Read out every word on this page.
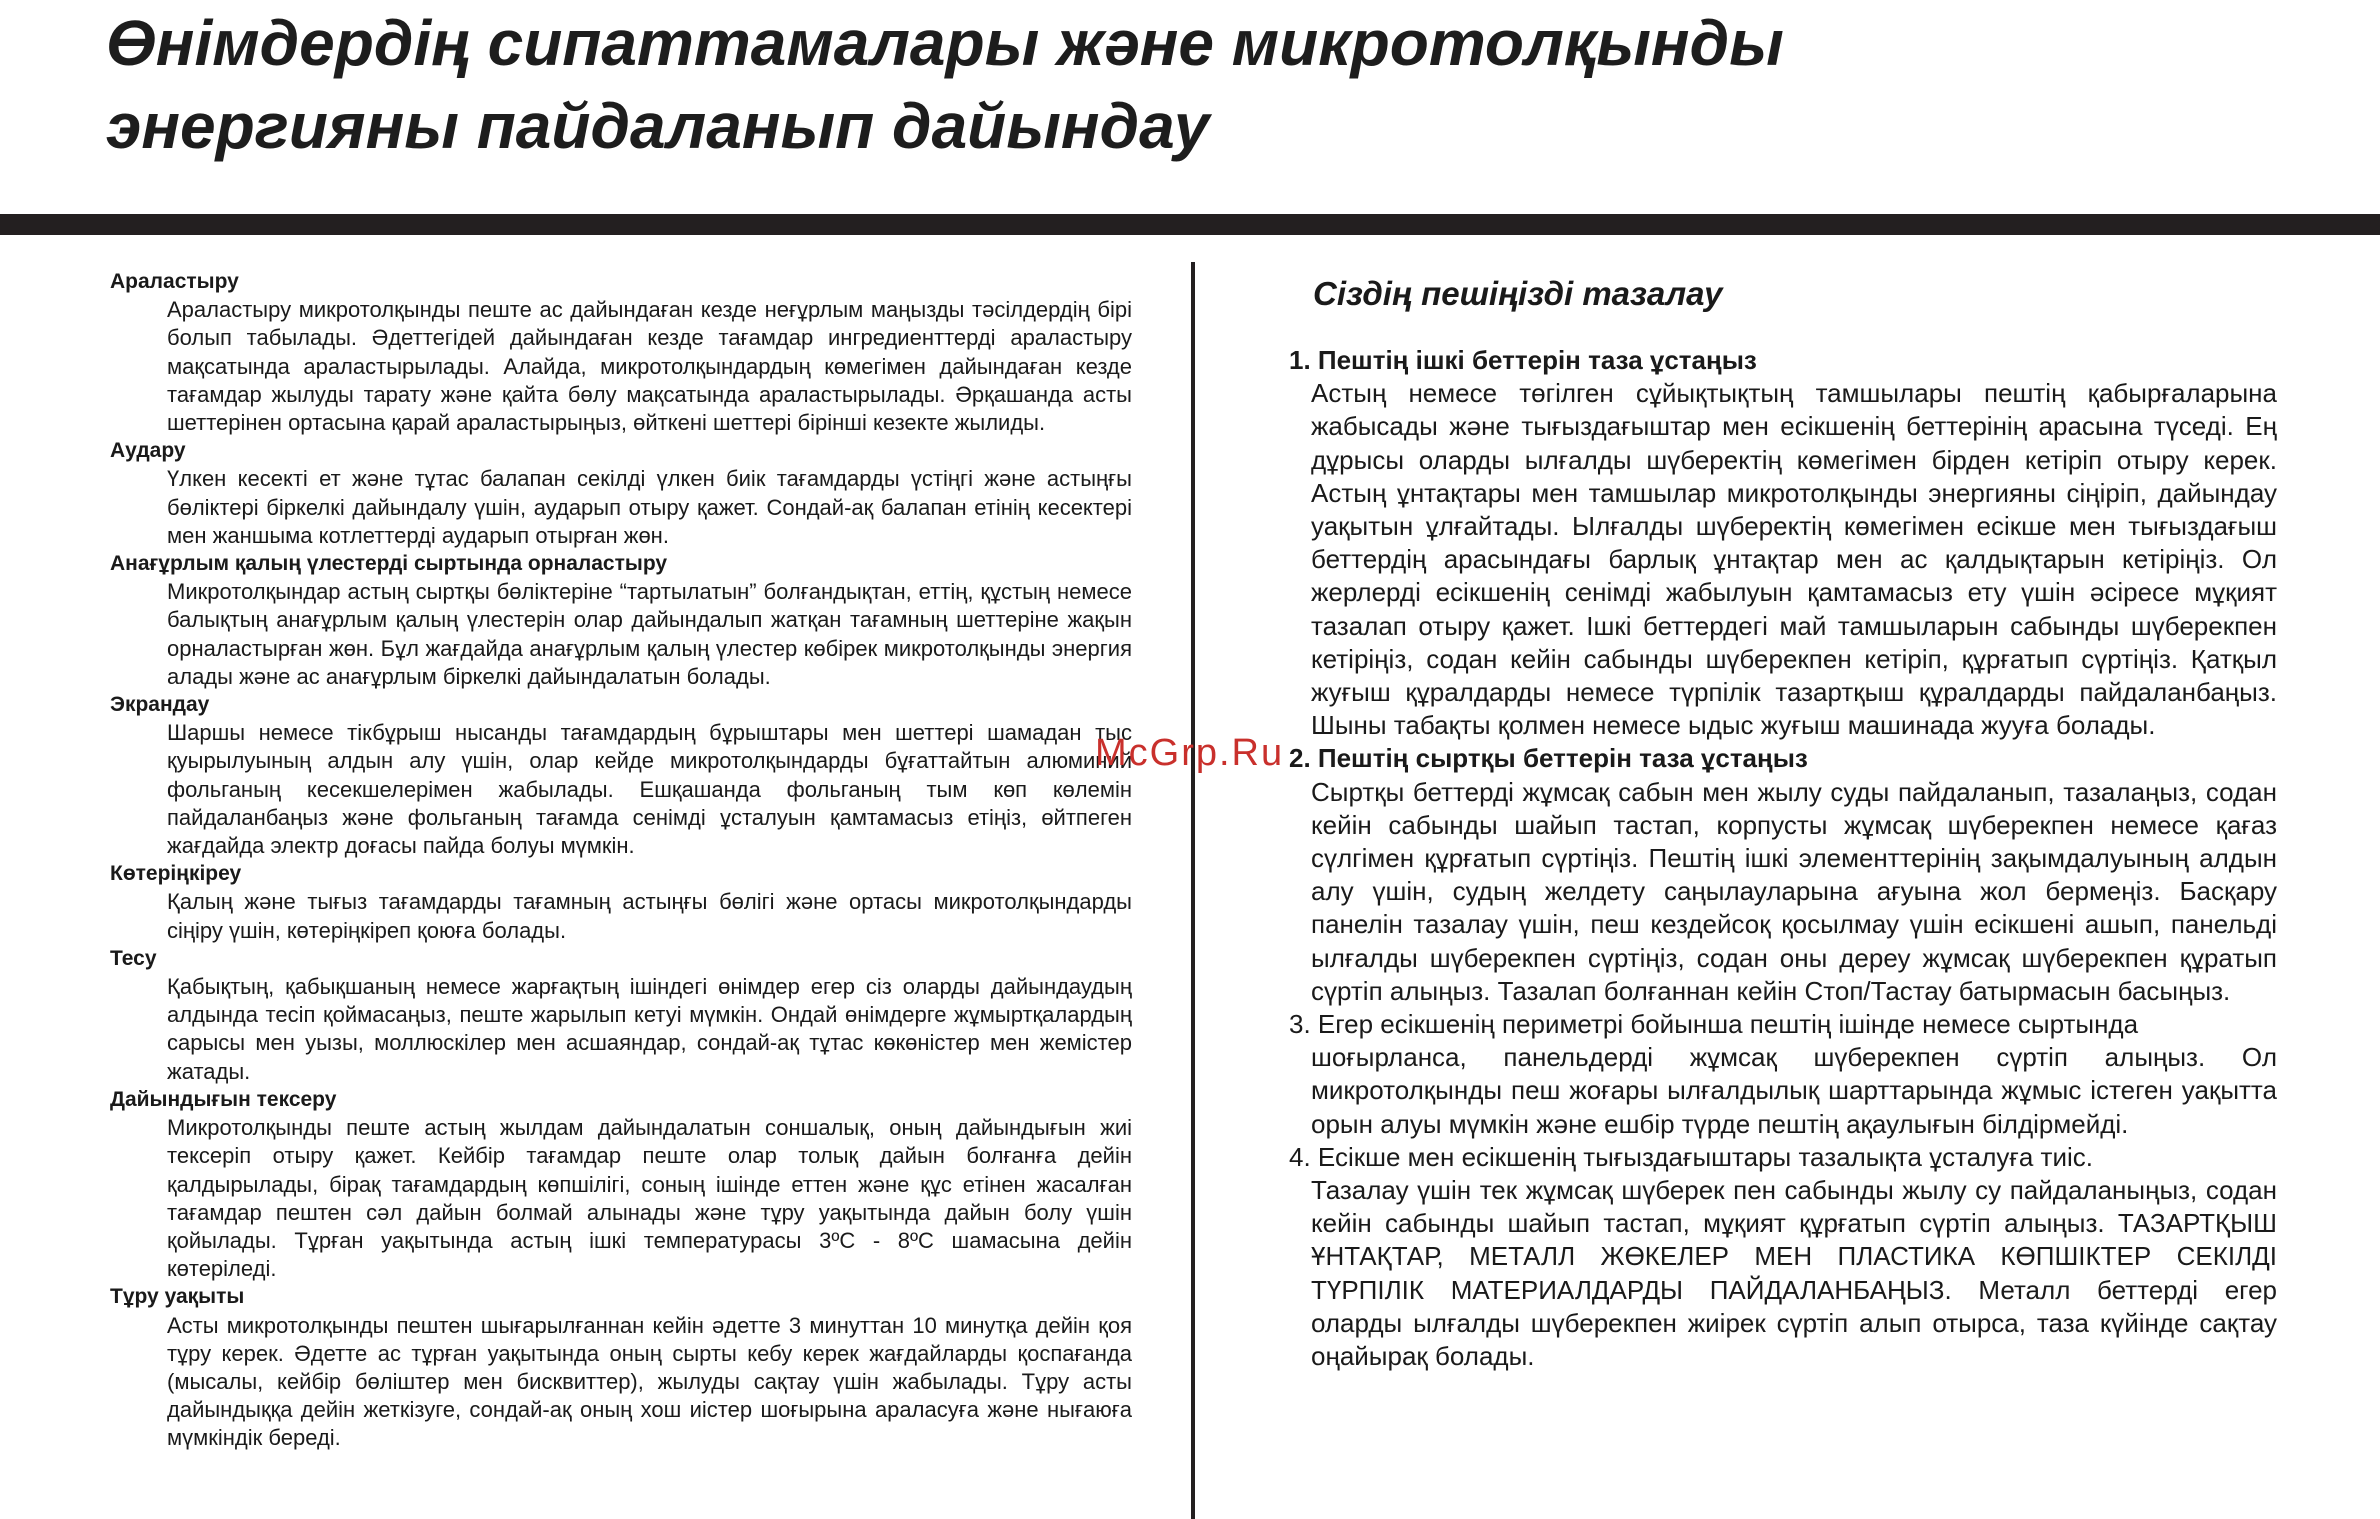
Өнімдердің сипаттамалары және микротолқынды
энергияны пайдаланып дайындау
Араластыру

Араластыру микротолқынды пеште ас дайындаған кезде неғұрлым маңызды тәсілдердің бірі болып табылады. Әдеттегідей дайындаған кезде тағамдар ингредиенттерді араластыру мақсатында араластырылады. Алайда, микротолқындардың көмегімен дайындаған кезде тағамдар жылуды тарату және қайта бөлу мақсатында араластырылады. Әрқашанда асты шеттерінен ортасына қарай араластырыңыз, өйткені шеттері бірінші кезекте жылиды.

Аудару

Үлкен кесекті ет және тұтас балапан секілді үлкен биік тағамдарды үстіңгі және астыңғы бөліктері біркелкі дайындалу үшін, аударып отыру қажет. Сондай-ақ балапан етінің кесектері мен жаншыма котлеттерді аударып отырған жөн.

Анағұрлым қалың үлестерді сыртында орналастыру

Микротолқындар астың сыртқы бөліктеріне “тартылатын” болғандықтан, еттің, құстың немесе балықтың анағұрлым қалың үлестерін олар дайындалып жатқан тағамның шеттеріне жақын орналастырған жөн. Бұл жағдайда анағұрлым қалың үлестер көбірек микротолқынды энергия алады және ас анағұрлым біркелкі дайындалатын болады.

Экрандау

Шаршы немесе тікбұрыш нысанды тағамдардың бұрыштары мен шеттері шамадан тыс қуырылуының алдын алу үшін, олар кейде микротолқындарды бұғаттайтын алюминий фольганың кесекшелерімен жабылады. Ешқашанда фольганың тым көп көлемін пайдаланбаңыз және фольганың тағамда сенімді ұсталуын қамтамасыз етіңіз, өйтпеген жағдайда электр доғасы пайда болуы мүмкін.

Көтеріңкіреу

Қалың және тығыз тағамдарды тағамның астыңғы бөлігі және ортасы микротолқындарды сіңіру үшін, көтеріңкіреп қоюға болады.

Тесу

Қабықтың, қабықшаның немесе жарғақтың ішіндегі өнімдер егер сіз оларды дайындаудың алдында тесіп қоймасаңыз, пеште жарылып кетуі мүмкін. Ондай өнімдерге жұмыртқалардың сарысы мен уызы, моллюскілер мен асшаяндар, сондай-ақ тұтас көкөністер мен жемістер жатады.

Дайындығын тексеру

Микротолқынды пеште астың жылдам дайындалатын соншалық, оның дайындығын жиі тексеріп отыру қажет. Кейбір тағамдар пеште олар толық дайын болғанға дейін қалдырылады, бірақ тағамдардың көпшілігі, соның ішінде еттен және құс етінен жасалған тағамдар пештен сәл дайын болмай алынады және тұру уақытында дайын болу үшін қойылады. Тұрған уақытында астың ішкі температурасы 3ºC - 8ºC шамасына дейін көтеріледі.

Тұру уақыты

Асты микротолқынды пештен шығарылғаннан кейін әдетте 3 минуттан 10 минутқа дейін қоя тұру керек. Әдетте ас тұрған уақытында оның сырты кебу керек жағдайларды қоспағанда (мысалы, кейбір бөліштер мен бисквиттер), жылуды сақтау үшін жабылады. Тұру асты дайындыққа дейін жеткізуге, сондай-ақ оның хош иістер шоғырына араласуға және нығаюға мүмкіндік береді.

McGrp.Ru
Сіздің пешіңізді тазалау
1. Пештің ішкі беттерін таза ұстаңыз

Астың немесе төгілген сұйықтықтың тамшылары пештің қабырғаларына жабысады және тығыздағыштар мен есікшенің беттерінің арасына түседі. Ең дұрысы оларды ылғалды шүберектің көмегімен бірден кетіріп отыру керек. Астың ұнтақтары мен тамшылар микротолқынды энергияны сіңіріп, дайындау уақытын ұлғайтады. Ылғалды шүберектің көмегімен есікше мен тығыздағыш беттердің арасындағы барлық ұнтақтар мен ас қалдықтарын кетіріңіз. Ол жерлерді есікшенің сенімді жабылуын қамтамасыз ету үшін әсіресе мұқият тазалап отыру қажет. Ішкі беттердегі май тамшыларын сабынды шүберекпен кетіріңіз, содан кейін сабынды шүберекпен кетіріп, құрғатып сүртіңіз. Қатқыл жуғыш құралдарды немесе түрпілік тазартқыш құралдарды пайдаланбаңыз. Шыны табақты қолмен немесе ыдыс жуғыш машинада жууға болады.

2. Пештің сыртқы беттерін таза ұстаңыз

Сыртқы беттерді жұмсақ сабын мен жылу суды пайдаланып, тазалаңыз, содан кейін сабынды шайып тастап, корпусты жұмсақ шүберекпен немесе қағаз сүлгімен құрғатып сүртіңіз. Пештің ішкі элементтерінің зақымдалуының алдын алу үшін, судың желдету саңылауларына ағуына жол бермеңіз. Басқару панелін тазалау үшін, пеш кездейсоқ қосылмау үшін есікшені ашып, панельді ылғалды шүберекпен сүртіңіз, содан оны дереу жұмсақ шүберекпен құратып сүртіп алыңыз. Тазалап болғаннан кейін Стоп/Тастау батырмасын басыңыз.

3. Егер есікшенің периметрі бойынша пештің ішінде немесе сыртында
шоғырланса, панельдерді жұмсақ шүберекпен сүртіп алыңыз. Ол микротолқынды пеш жоғары ылғалдылық шарттарында жұмыс істеген уақытта орын алуы мүмкін және ешбір түрде пештің ақаулығын білдірмейді.

4. Есікше мен есікшенің тығыздағыштары тазалықта ұсталуға тиіс.
Тазалау үшін тек жұмсақ шүберек пен сабынды жылу су пайдаланыңыз, содан кейін сабынды шайып тастап, мұқият құрғатып сүртіп алыңыз. ТАЗАРТҚЫШ ҰНТАҚТАР, МЕТАЛЛ ЖӨКЕЛЕР МЕН ПЛАСТИКА КӨПШІКТЕР СЕКІЛДІ ТҮРПІЛІК МАТЕРИАЛДАРДЫ ПАЙДАЛАНБАҢЫЗ. Металл беттерді егер оларды ылғалды шүберекпен жиірек сүртіп алып отырса, таза күйінде сақтау оңайырақ болады.
